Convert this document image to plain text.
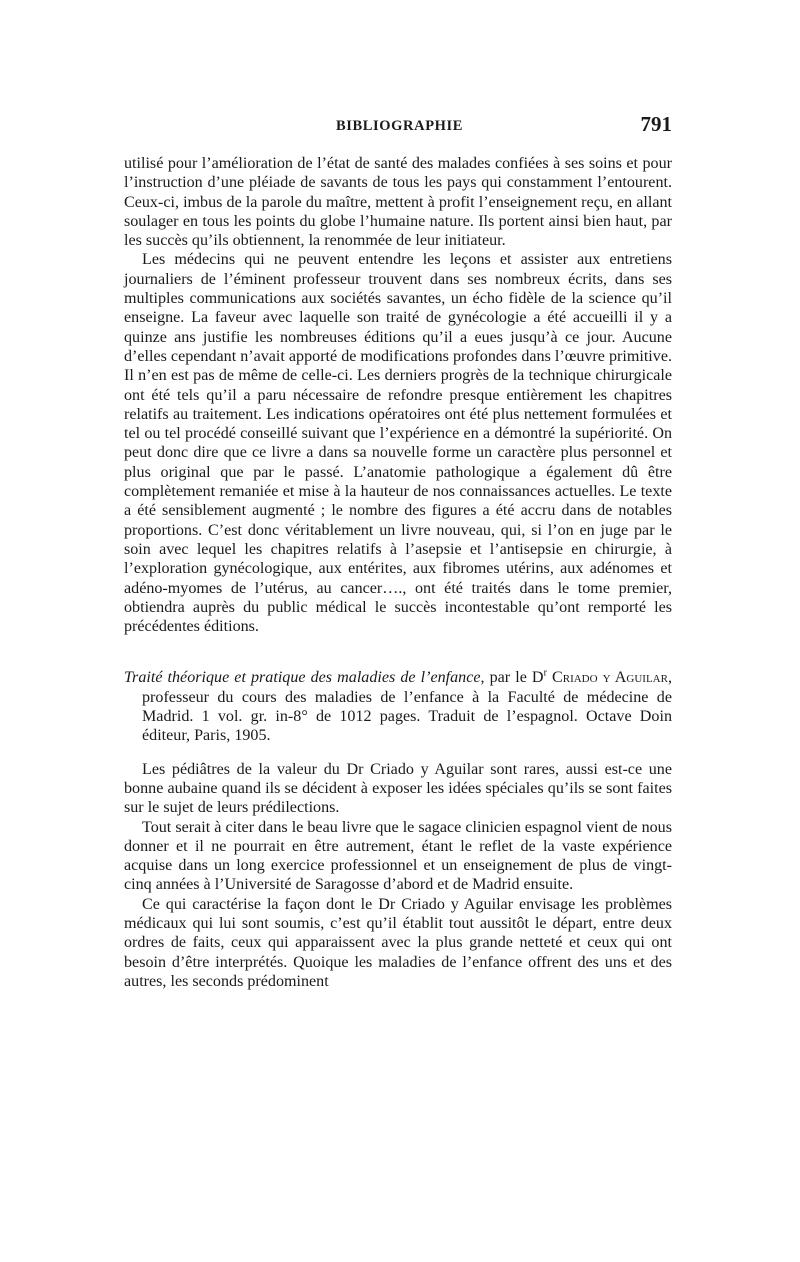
BIBLIOGRAPHIE	791

utilisé pour l’amélioration de l’état de santé des malades confiées à ses soins et pour l’instruction d’une pléiade de savants de tous les pays qui constamment l’entourent. Ceux-ci, imbus de la parole du maître, mettent à profit l’enseignement reçu, en allant soulager en tous les points du globe l’humaine nature. Ils portent ainsi bien haut, par les succès qu’ils obtiennent, la renommée de leur initiateur.

Les médecins qui ne peuvent entendre les leçons et assister aux entretiens journaliers de l’éminent professeur trouvent dans ses nombreux écrits, dans ses multiples communications aux sociétés savantes, un écho fidèle de la science qu’il enseigne. La faveur avec laquelle son traité de gynécologie a été accueilli il y a quinze ans justifie les nombreuses éditions qu’il a eues jusqu’à ce jour. Aucune d’elles cependant n’avait apporté de modifications profondes dans l’œuvre primitive. Il n’en est pas de même de celle-ci. Les derniers progrès de la technique chirurgicale ont été tels qu’il a paru nécessaire de refondre presque entièrement les chapitres relatifs au traitement. Les indications opératoires ont été plus nettement formulées et tel ou tel procédé conseillé suivant que l’expérience en a démontré la supériorité. On peut donc dire que ce livre a dans sa nouvelle forme un caractère plus personnel et plus original que par le passé. L’anatomie pathologique a également dû être complètement remaniée et mise à la hauteur de nos connaissances actuelles. Le texte a été sensiblement augmenté ; le nombre des figures a été accru dans de notables proportions. C’est donc véritablement un livre nouveau, qui, si l’on en juge par le soin avec lequel les chapitres relatifs à l’asepsie et l’antisepsie en chirurgie, à l’exploration gynécologique, aux entérites, aux fibromes utérins, aux adénomes et adéno-myomes de l’utérus, au cancer…., ont été traités dans le tome premier, obtiendra auprès du public médical le succès incontestable qu’ont remporté les précédentes éditions.

Traité théorique et pratique des maladies de l’enfance, par le $D^r$ Criado y Aguilar, professeur du cours des maladies de l’enfance à la Faculté de médecine de Madrid. 1 vol. gr. in-8° de 1012 pages. Traduit de l’espagnol. Octave Doin éditeur, Paris, 1905.

Les pédiâtres de la valeur du Dr Criado y Aguilar sont rares, aussi est-ce une bonne aubaine quand ils se décident à exposer les idées spéciales qu’ils se sont faites sur le sujet de leurs prédilections.

Tout serait à citer dans le beau livre que le sagace clinicien espagnol vient de nous donner et il ne pourrait en être autrement, étant le reflet de la vaste expérience acquise dans un long exercice professionnel et un enseignement de plus de vingt-cinq années à l’Université de Saragosse d’abord et de Madrid ensuite.

Ce qui caractérise la façon dont le Dr Criado y Aguilar envisage les problèmes médicaux qui lui sont soumis, c’est qu’il établit tout aussitôt le départ, entre deux ordres de faits, ceux qui apparaissent avec la plus grande netteté et ceux qui ont besoin d’être interprétés. Quoique les maladies de l’enfance offrent des uns et des autres, les seconds prédominent
